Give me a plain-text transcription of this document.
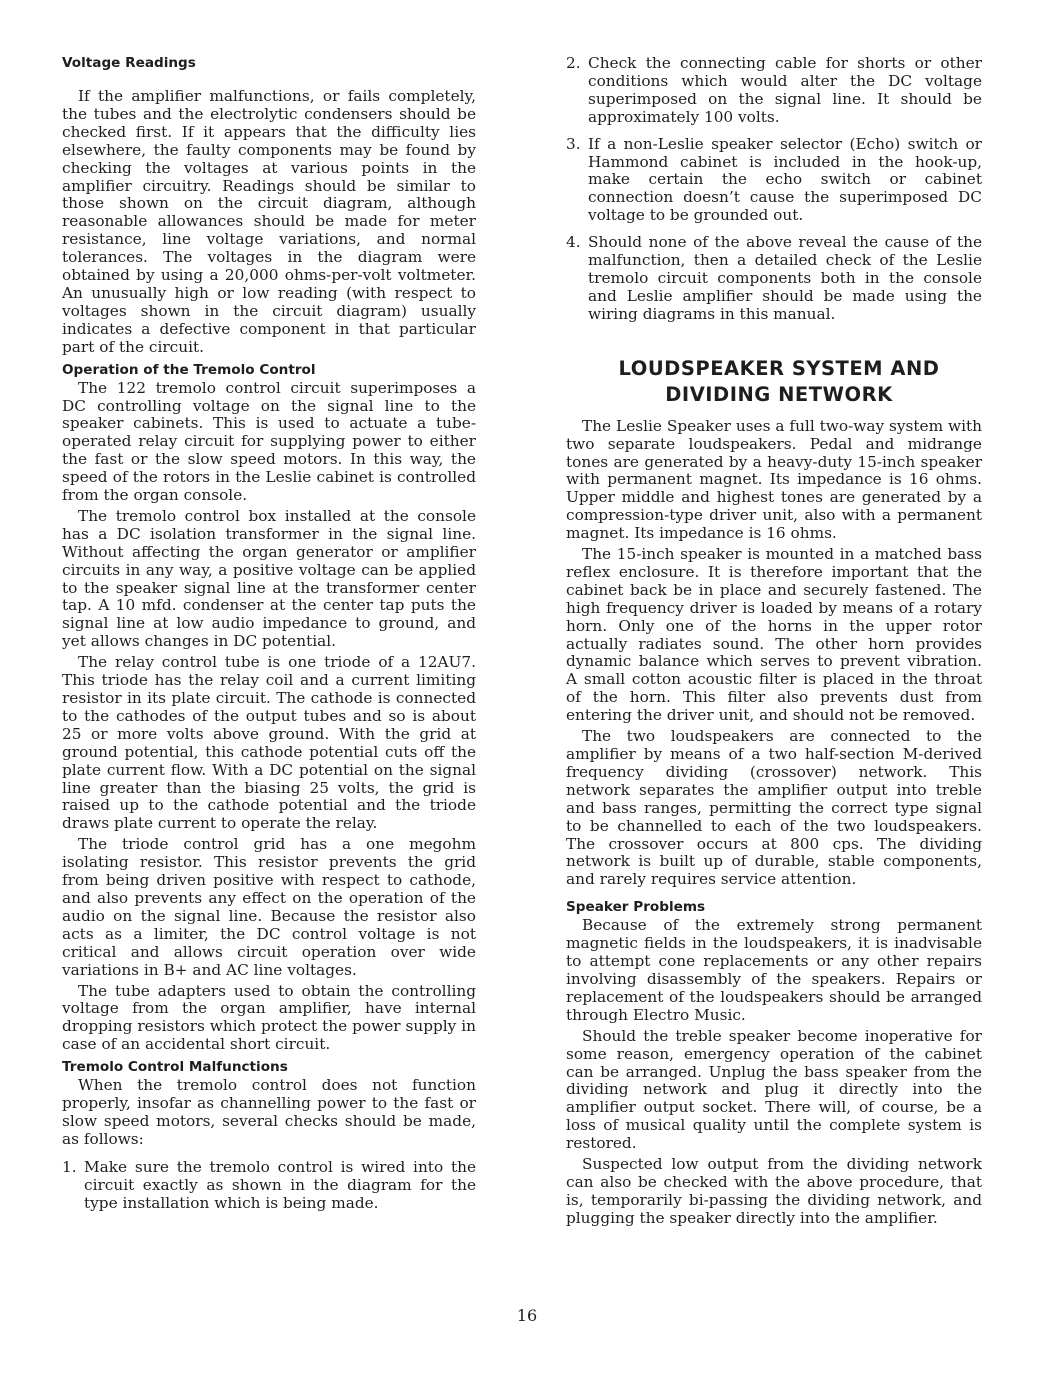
Voltage Readings

If the amplifier malfunctions, or fails completely, the tubes and the electrolytic condensers should be checked first. If it appears that the difficulty lies elsewhere, the faulty components may be found by checking the voltages at various points in the amplifier circuitry. Readings should be similar to those shown on the circuit diagram, although reasonable allowances should be made for meter resistance, line voltage variations, and normal tolerances. The voltages in the diagram were obtained by using a 20,000 ohms-per-volt voltmeter. An unusually high or low reading (with respect to voltages shown in the circuit diagram) usually indicates a defective component in that particular part of the circuit.

Operation of the Tremolo Control

The 122 tremolo control circuit superimposes a DC controlling voltage on the signal line to the speaker cabinets. This is used to actuate a tube-operated relay circuit for supplying power to either the fast or the slow speed motors. In this way, the speed of the rotors in the Leslie cabinet is controlled from the organ console.

The tremolo control box installed at the console has a DC isolation transformer in the signal line. Without affecting the organ generator or amplifier circuits in any way, a positive voltage can be applied to the speaker signal line at the transformer center tap. A 10 mfd. condenser at the center tap puts the signal line at low audio impedance to ground, and yet allows changes in DC potential.

The relay control tube is one triode of a 12AU7. This triode has the relay coil and a current limiting resistor in its plate circuit. The cathode is connected to the cathodes of the output tubes and so is about 25 or more volts above ground. With the grid at ground potential, this cathode potential cuts off the plate current flow. With a DC potential on the signal line greater than the biasing 25 volts, the grid is raised up to the cathode potential and the triode draws plate current to operate the relay.

The triode control grid has a one megohm isolating resistor. This resistor prevents the grid from being driven positive with respect to cathode, and also prevents any effect on the operation of the audio on the signal line. Because the resistor also acts as a limiter, the DC control voltage is not critical and allows circuit operation over wide variations in B+ and AC line voltages.

The tube adapters used to obtain the controlling voltage from the organ amplifier, have internal dropping resistors which protect the power supply in case of an accidental short circuit.

Tremolo Control Malfunctions

When the tremolo control does not function properly, insofar as channelling power to the fast or slow speed motors, several checks should be made, as follows:

1. Make sure the tremolo control is wired into the circuit exactly as shown in the diagram for the type installation which is being made.
2. Check the connecting cable for shorts or other conditions which would alter the DC voltage superimposed on the signal line. It should be approximately 100 volts.
3. If a non-Leslie speaker selector (Echo) switch or Hammond cabinet is included in the hook-up, make certain the echo switch or cabinet connection doesn’t cause the superimposed DC voltage to be grounded out.
4. Should none of the above reveal the cause of the malfunction, then a detailed check of the Leslie tremolo circuit components both in the console and Leslie amplifier should be made using the wiring diagrams in this manual.
LOUDSPEAKER SYSTEM AND
DIVIDING NETWORK

The Leslie Speaker uses a full two-way system with two separate loudspeakers. Pedal and midrange tones are generated by a heavy-duty 15-inch speaker with permanent magnet. Its impedance is 16 ohms. Upper middle and highest tones are generated by a compression-type driver unit, also with a permanent magnet. Its impedance is 16 ohms.

The 15-inch speaker is mounted in a matched bass reflex enclosure. It is therefore important that the cabinet back be in place and securely fastened. The high frequency driver is loaded by means of a rotary horn. Only one of the horns in the upper rotor actually radiates sound. The other horn provides dynamic balance which serves to prevent vibration. A small cotton acoustic filter is placed in the throat of the horn. This filter also prevents dust from entering the driver unit, and should not be removed.

The two loudspeakers are connected to the amplifier by means of a two half-section M-derived frequency dividing (crossover) network. This network separates the amplifier output into treble and bass ranges, permitting the correct type signal to be channelled to each of the two loudspeakers. The crossover occurs at 800 cps. The dividing network is built up of durable, stable components, and rarely requires service attention.

Speaker Problems

Because of the extremely strong permanent magnetic fields in the loudspeakers, it is inadvisable to attempt cone replacements or any other repairs involving disassembly of the speakers. Repairs or replacement of the loudspeakers should be arranged through Electro Music.

Should the treble speaker become inoperative for some reason, emergency operation of the cabinet can be arranged. Unplug the bass speaker from the dividing network and plug it directly into the amplifier output socket. There will, of course, be a loss of musical quality until the complete system is restored.

Suspected low output from the dividing network can also be checked with the above procedure, that is, temporarily bi-passing the dividing network, and plugging the speaker directly into the amplifier.

16
